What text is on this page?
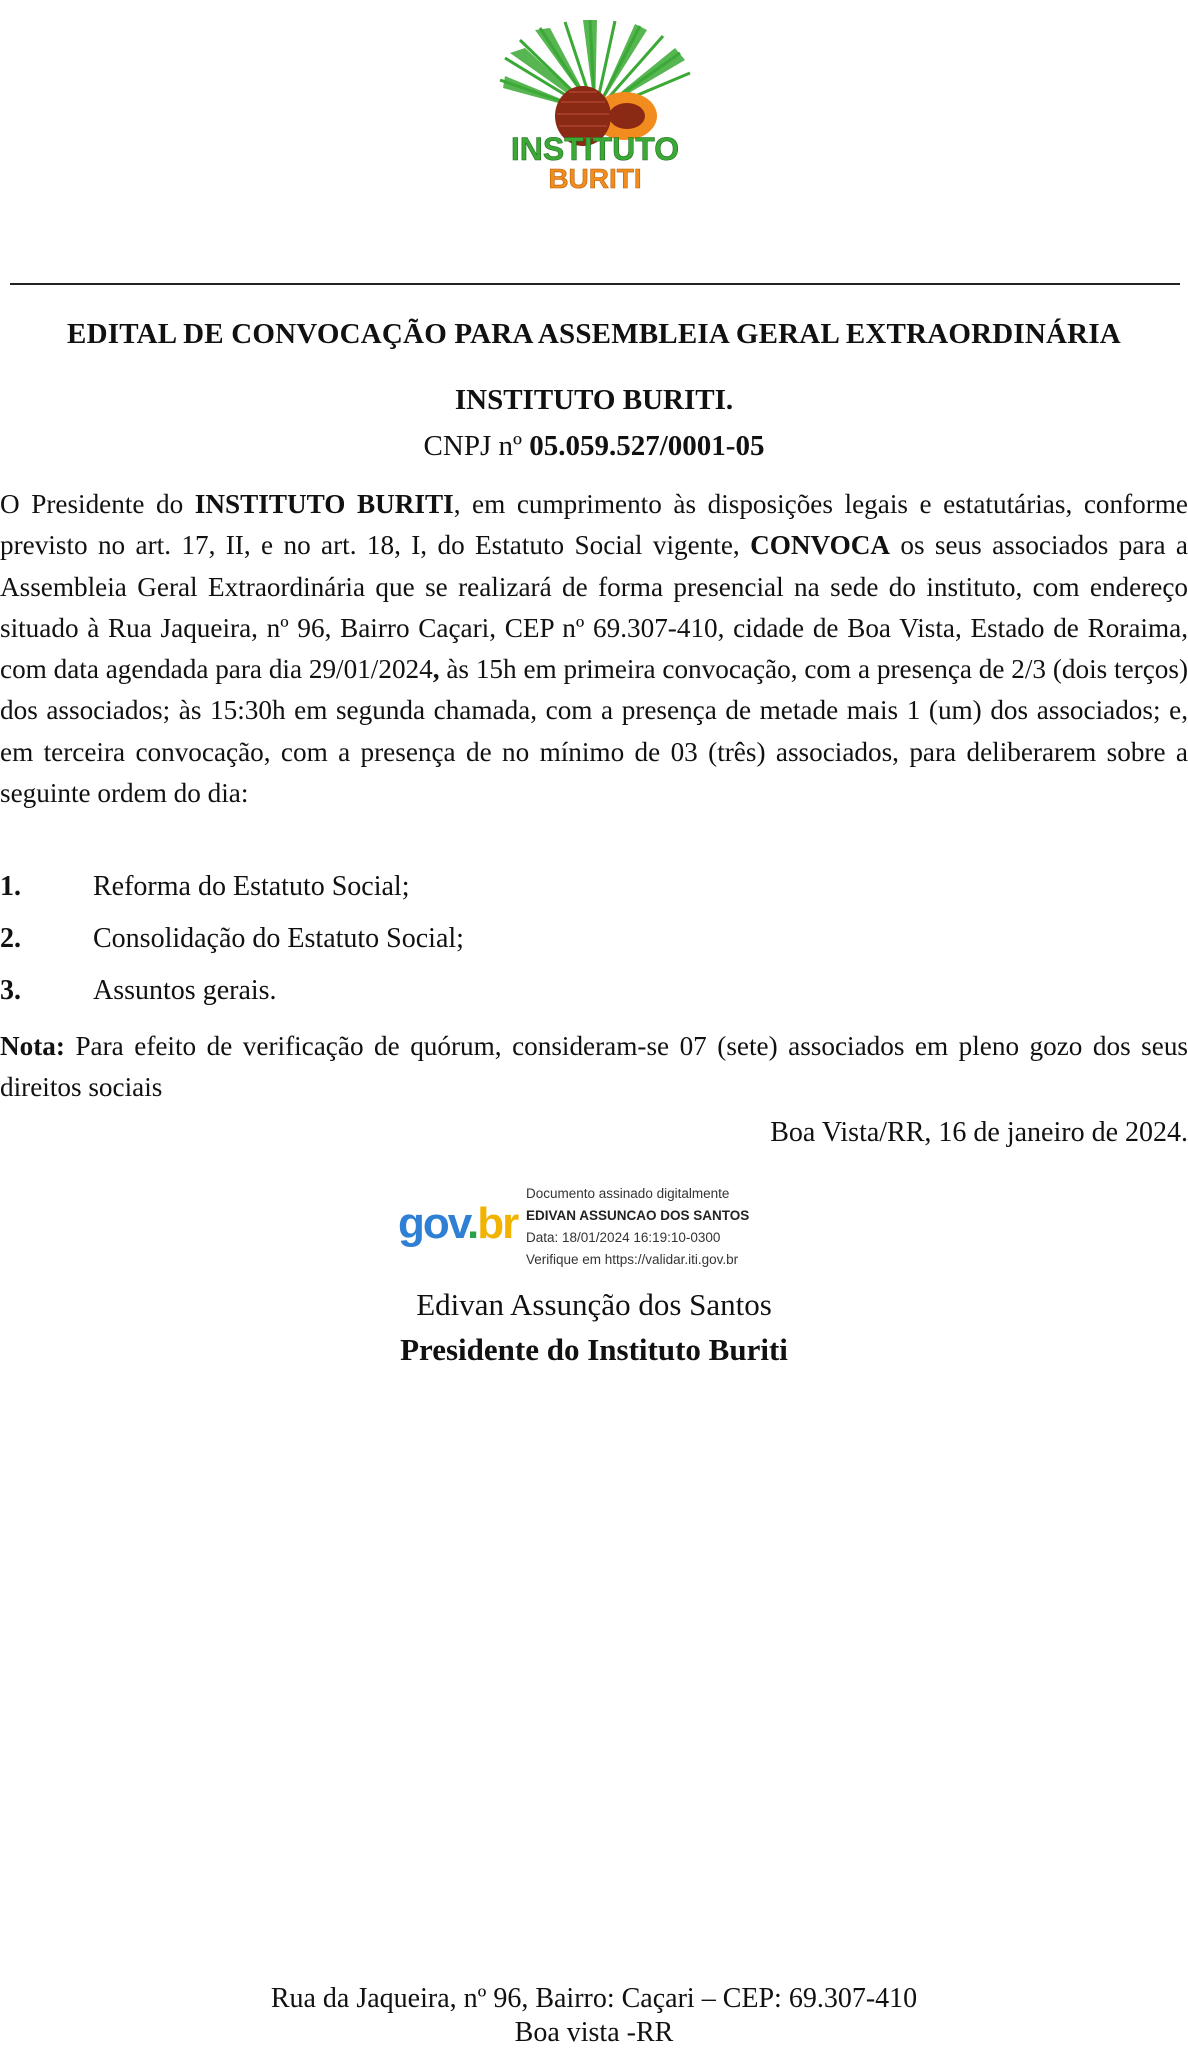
INSTITUTO
BURITI
EDITAL DE CONVOCAÇÃO PARA ASSEMBLEIA GERAL EXTRAORDINÁRIA
INSTITUTO BURITI.
CNPJ nº 05.059.527/0001-05

O Presidente do INSTITUTO BURITI, em cumprimento às disposições legais e estatutárias, conforme previsto no art. 17, II, e no art. 18, I, do Estatuto Social vigente, CONVOCA os seus associados para a Assembleia Geral Extraordinária que se realizará de forma presencial na sede do instituto, com endereço situado à Rua Jaqueira, nº 96, Bairro Caçari, CEP nº 69.307-410, cidade de Boa Vista, Estado de Roraima, com data agendada para dia 29/01/2024, às 15h em primeira convocação, com a presença de 2/3 (dois terços) dos associados; às 15:30h em segunda chamada, com a presença de metade mais 1 (um) dos associados; e, em terceira convocação, com a presença de no mínimo de 03 (três) associados, para deliberarem sobre a seguinte ordem do dia:

1.	Reforma do Estatuto Social;
2.	Consolidação do Estatuto Social;
3.	Assuntos gerais.

Nota: Para efeito de verificação de quórum, consideram-se 07 (sete) associados em pleno gozo dos seus direitos sociais

Boa Vista/RR, 16 de janeiro de 2024.
gov.br
Documento assinado digitalmente
EDIVAN ASSUNCAO DOS SANTOS
Data: 18/01/2024 16:19:10-0300
Verifique em https://validar.iti.gov.br
Edivan Assunção dos Santos
Presidente do Instituto Buriti
Rua da Jaqueira, nº 96, Bairro: Caçari – CEP: 69.307-410
Boa vista -RR
